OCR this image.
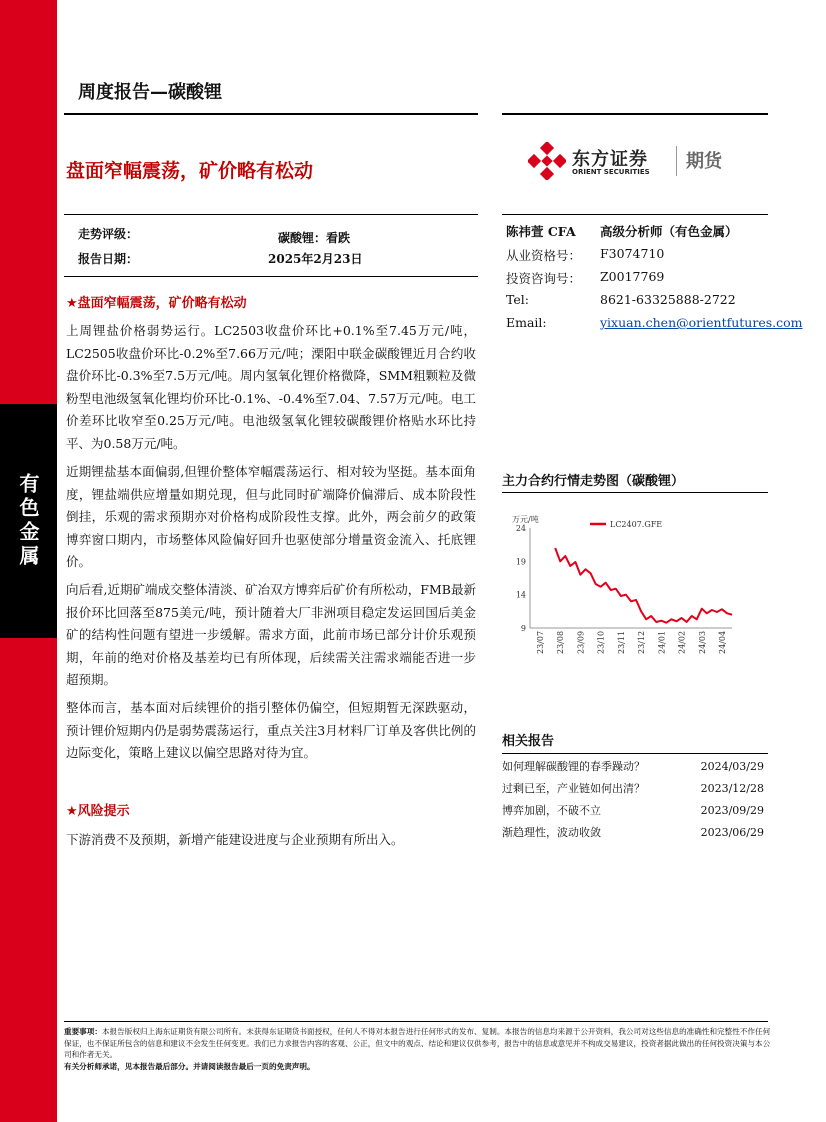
有色金属
周度报告—碳酸锂
盘面窄幅震荡，矿价略有松动
东方证券
ORIENT SECURITIES 期货
走势评级：	碳酸锂：看跌
报告日期：	2025年2月23日
陈祎萱 CFA 高级分析师（有色金属）
从业资格号： F3074710
投资咨询号： Z0017769
Tel:	8621-63325888-2722
Email:	yixuan.chen@orientfutures.com
★盘面窄幅震荡，矿价略有松动
上周锂盐价格弱势运行。LC2503收盘价环比+0.1%至7.45万元/吨，LC2505收盘价环比-0.2%至7.66万元/吨；溧阳中联金碳酸锂近月合约收盘价环比-0.3%至7.5万元/吨。周内氢氧化锂价格微降，SMM粗颗粒及微粉型电池级氢氧化锂均价环比-0.1%、-0.4%至7.04、7.57万元/吨。电工价差环比收窄至0.25万元/吨。电池级氢氧化锂较碳酸锂价格贴水环比持平、为0.58万元/吨。
近期锂盐基本面偏弱,但锂价整体窄幅震荡运行、相对较为坚挺。基本面角度，锂盐端供应增量如期兑现，但与此同时矿端降价偏滞后、成本阶段性倒挂，乐观的需求预期亦对价格构成阶段性支撑。此外，两会前夕的政策博弈窗口期内，市场整体风险偏好回升也驱使部分增量资金流入、托底锂价。
向后看,近期矿端成交整体清淡、矿冶双方博弈后矿价有所松动，FMB最新报价环比回落至875美元/吨，预计随着大厂非洲项目稳定发运回国后美金矿的结构性问题有望进一步缓解。需求方面，此前市场已部分计价乐观预期，年前的绝对价格及基差均已有所体现，后续需关注需求端能否进一步超预期。
整体而言，基本面对后续锂价的指引整体仍偏空，但短期暂无深跌驱动，预计锂价短期内仍是弱势震荡运行，重点关注3月材料厂订单及客供比例的边际变化，策略上建议以偏空思路对待为宜。
★风险提示
下游消费不及预期，新增产能建设进度与企业预期有所出入。
主力合约行情走势图（碳酸锂）
万元/吨
9
14
19
24
23/07 23/08 23/09 23/10 23/11 23/12 24/01 24/02 24/03 24/04
LC2407.GFE
相关报告
如何理解碳酸锂的春季躁动？	2024/03/29
过剩已至，产业链如何出清？	2023/12/28
博弈加剧，不破不立	2023/09/29
渐趋理性，波动收敛	2023/06/29
重要事项：本报告版权归上海东证期货有限公司所有。未获得东证期货书面授权，任何人不得对本报告进行任何形式的发布、复制。本报告的信息均来源于公开资料，我公司对这些信息的准确性和完整性不作任何保证，也不保证所包含的信息和建议不会发生任何变更。我们已力求报告内容的客观、公正，但文中的观点、结论和建议仅供参考，报告中的信息或意见并不构成交易建议，投资者据此做出的任何投资决策与本公司和作者无关。
有关分析师承诺，见本报告最后部分。并请阅读报告最后一页的免责声明。
